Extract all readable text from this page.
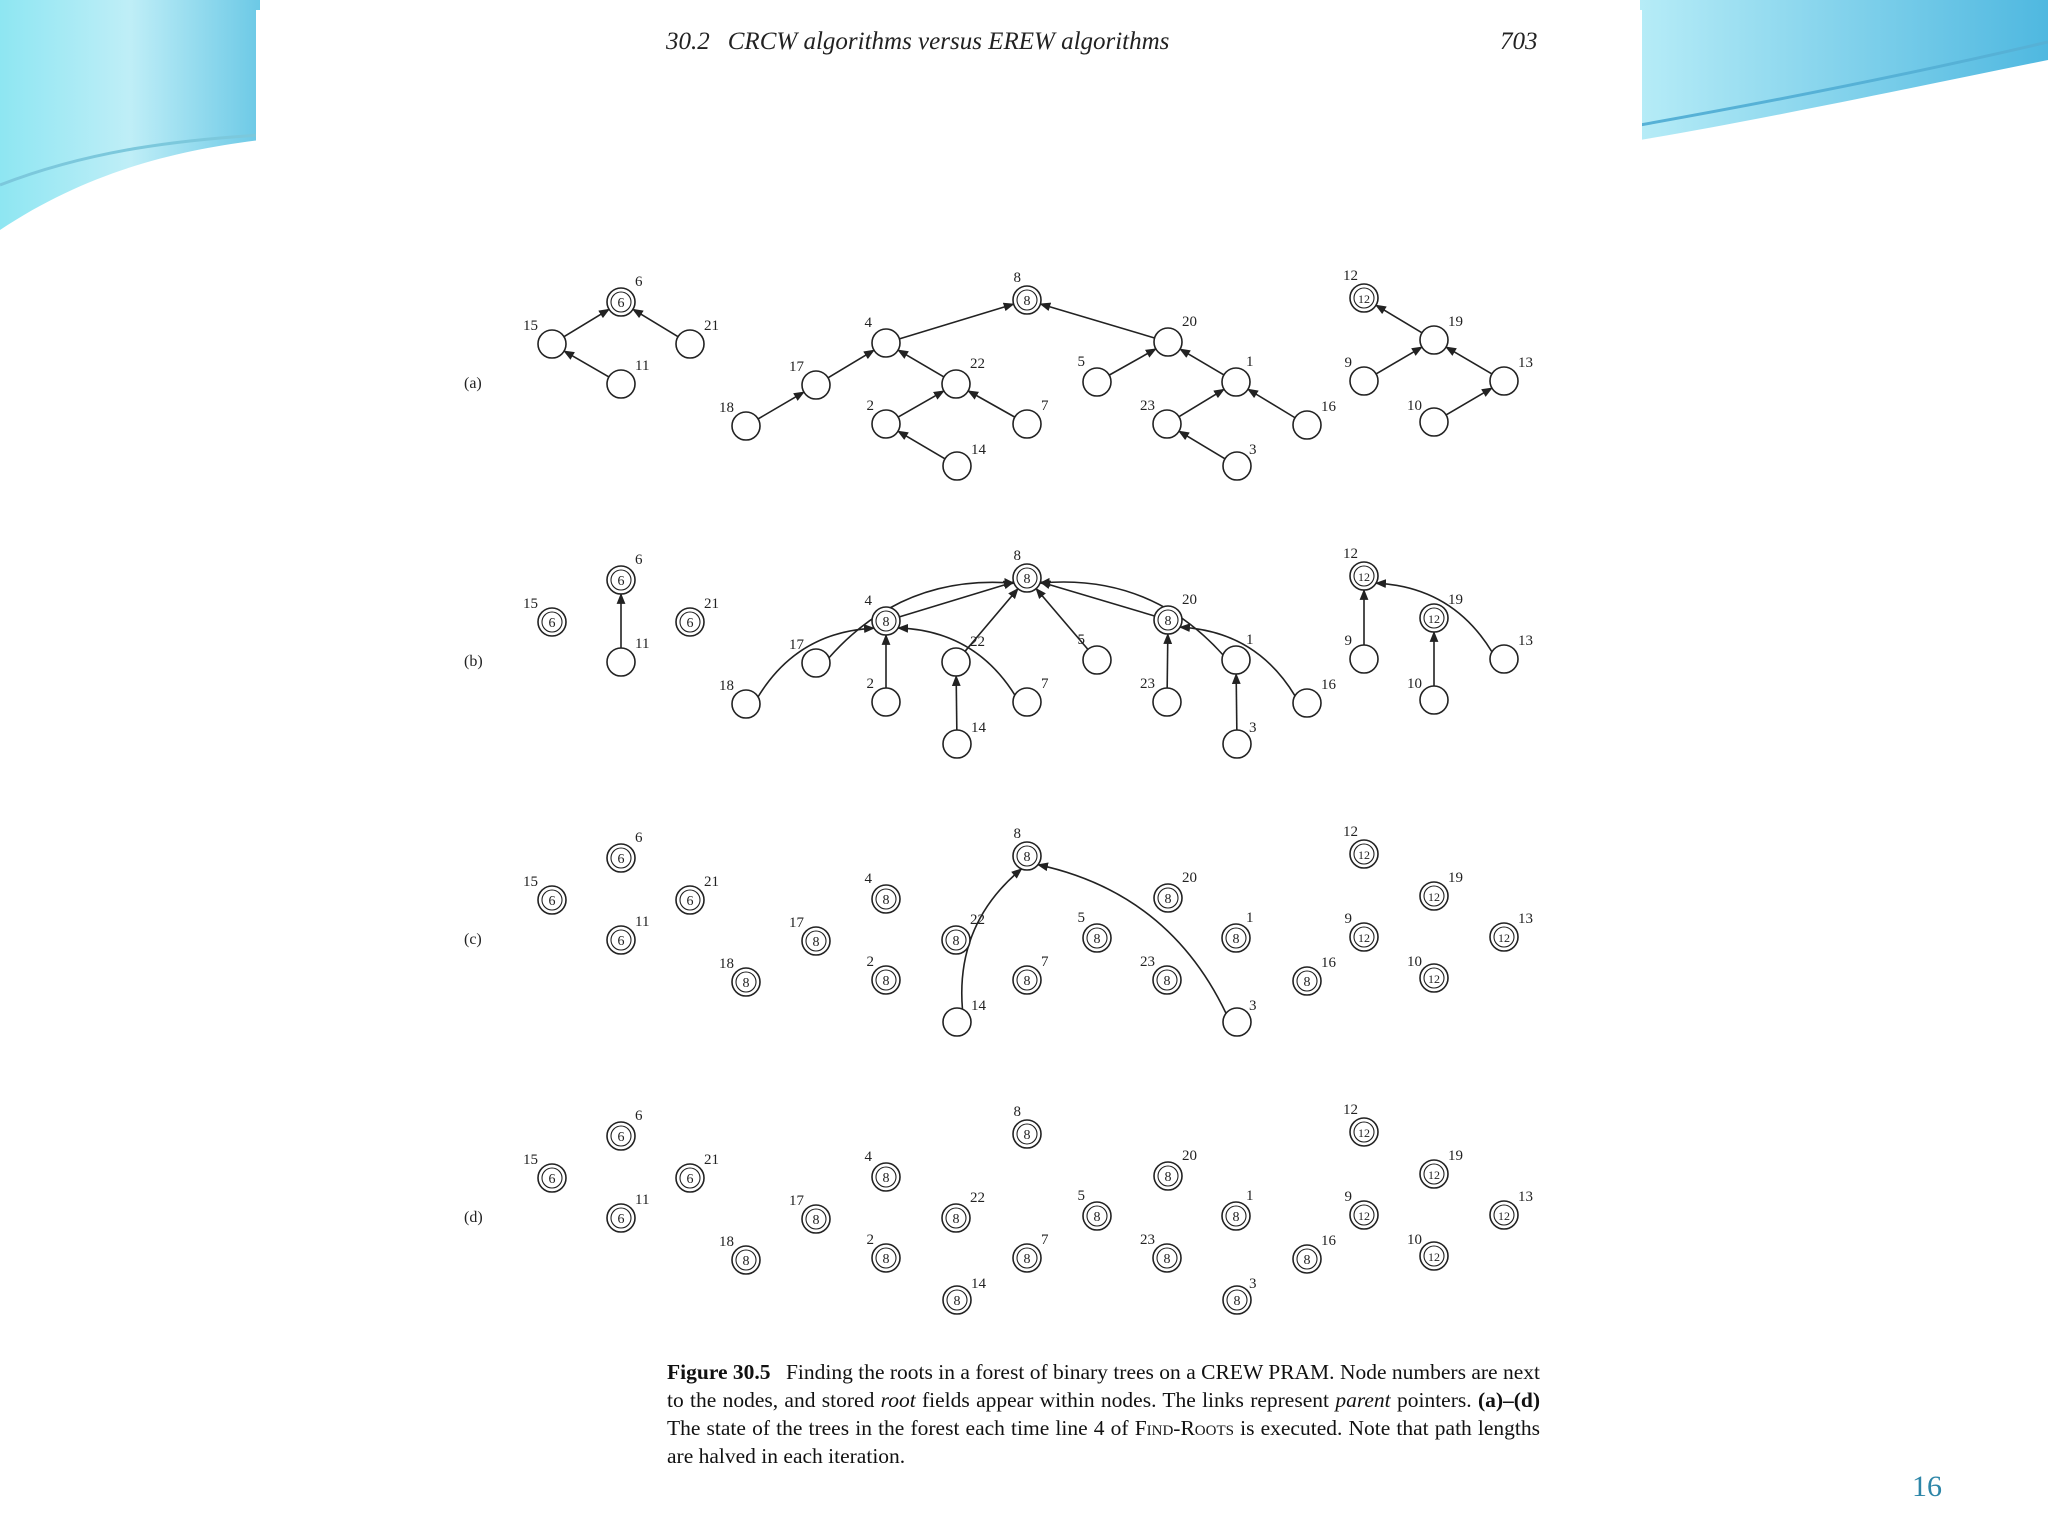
30.2 CRCW algorithms versus EREW algorithms	703
6	8	12
6
6	6
8
8	8
12
12
6
6	6
6
8
8	8
8	8	8	8
8	8	8	8	8
12
12
12	12
12
6
6	6
6
8
8	8
8	8	8	8
8	8	8	8	8
8	8
12
12
12	12
12
(a)
6
15	21
11
8
4	20
17	22	5	1
18	2	7	23	16
14	3
12
19
9	13
10
(b)
6
15	21
11
8
4	20
17	22	5	1
18	2	7	23	16
14	3
12
19
9	13
10
(c)
6
15	21
11
8
4	20
17	22	5	1
18	2	7	23	16
14	3
12
19
9	13
10
(d)
6
15	21
11
8
4	20
17	22	5	1
18	2	7	23	16
14	3
12
19
9	13
10
Figure 30.5 Finding the roots in a forest of binary trees on a CREW PRAM. Node numbers are next to the nodes, and stored root fields appear within nodes. The links represent parent pointers. (a)–(d) The state of the trees in the forest each time line 4 of Find-Roots is executed. Note that path lengths are halved in each iteration.
16
